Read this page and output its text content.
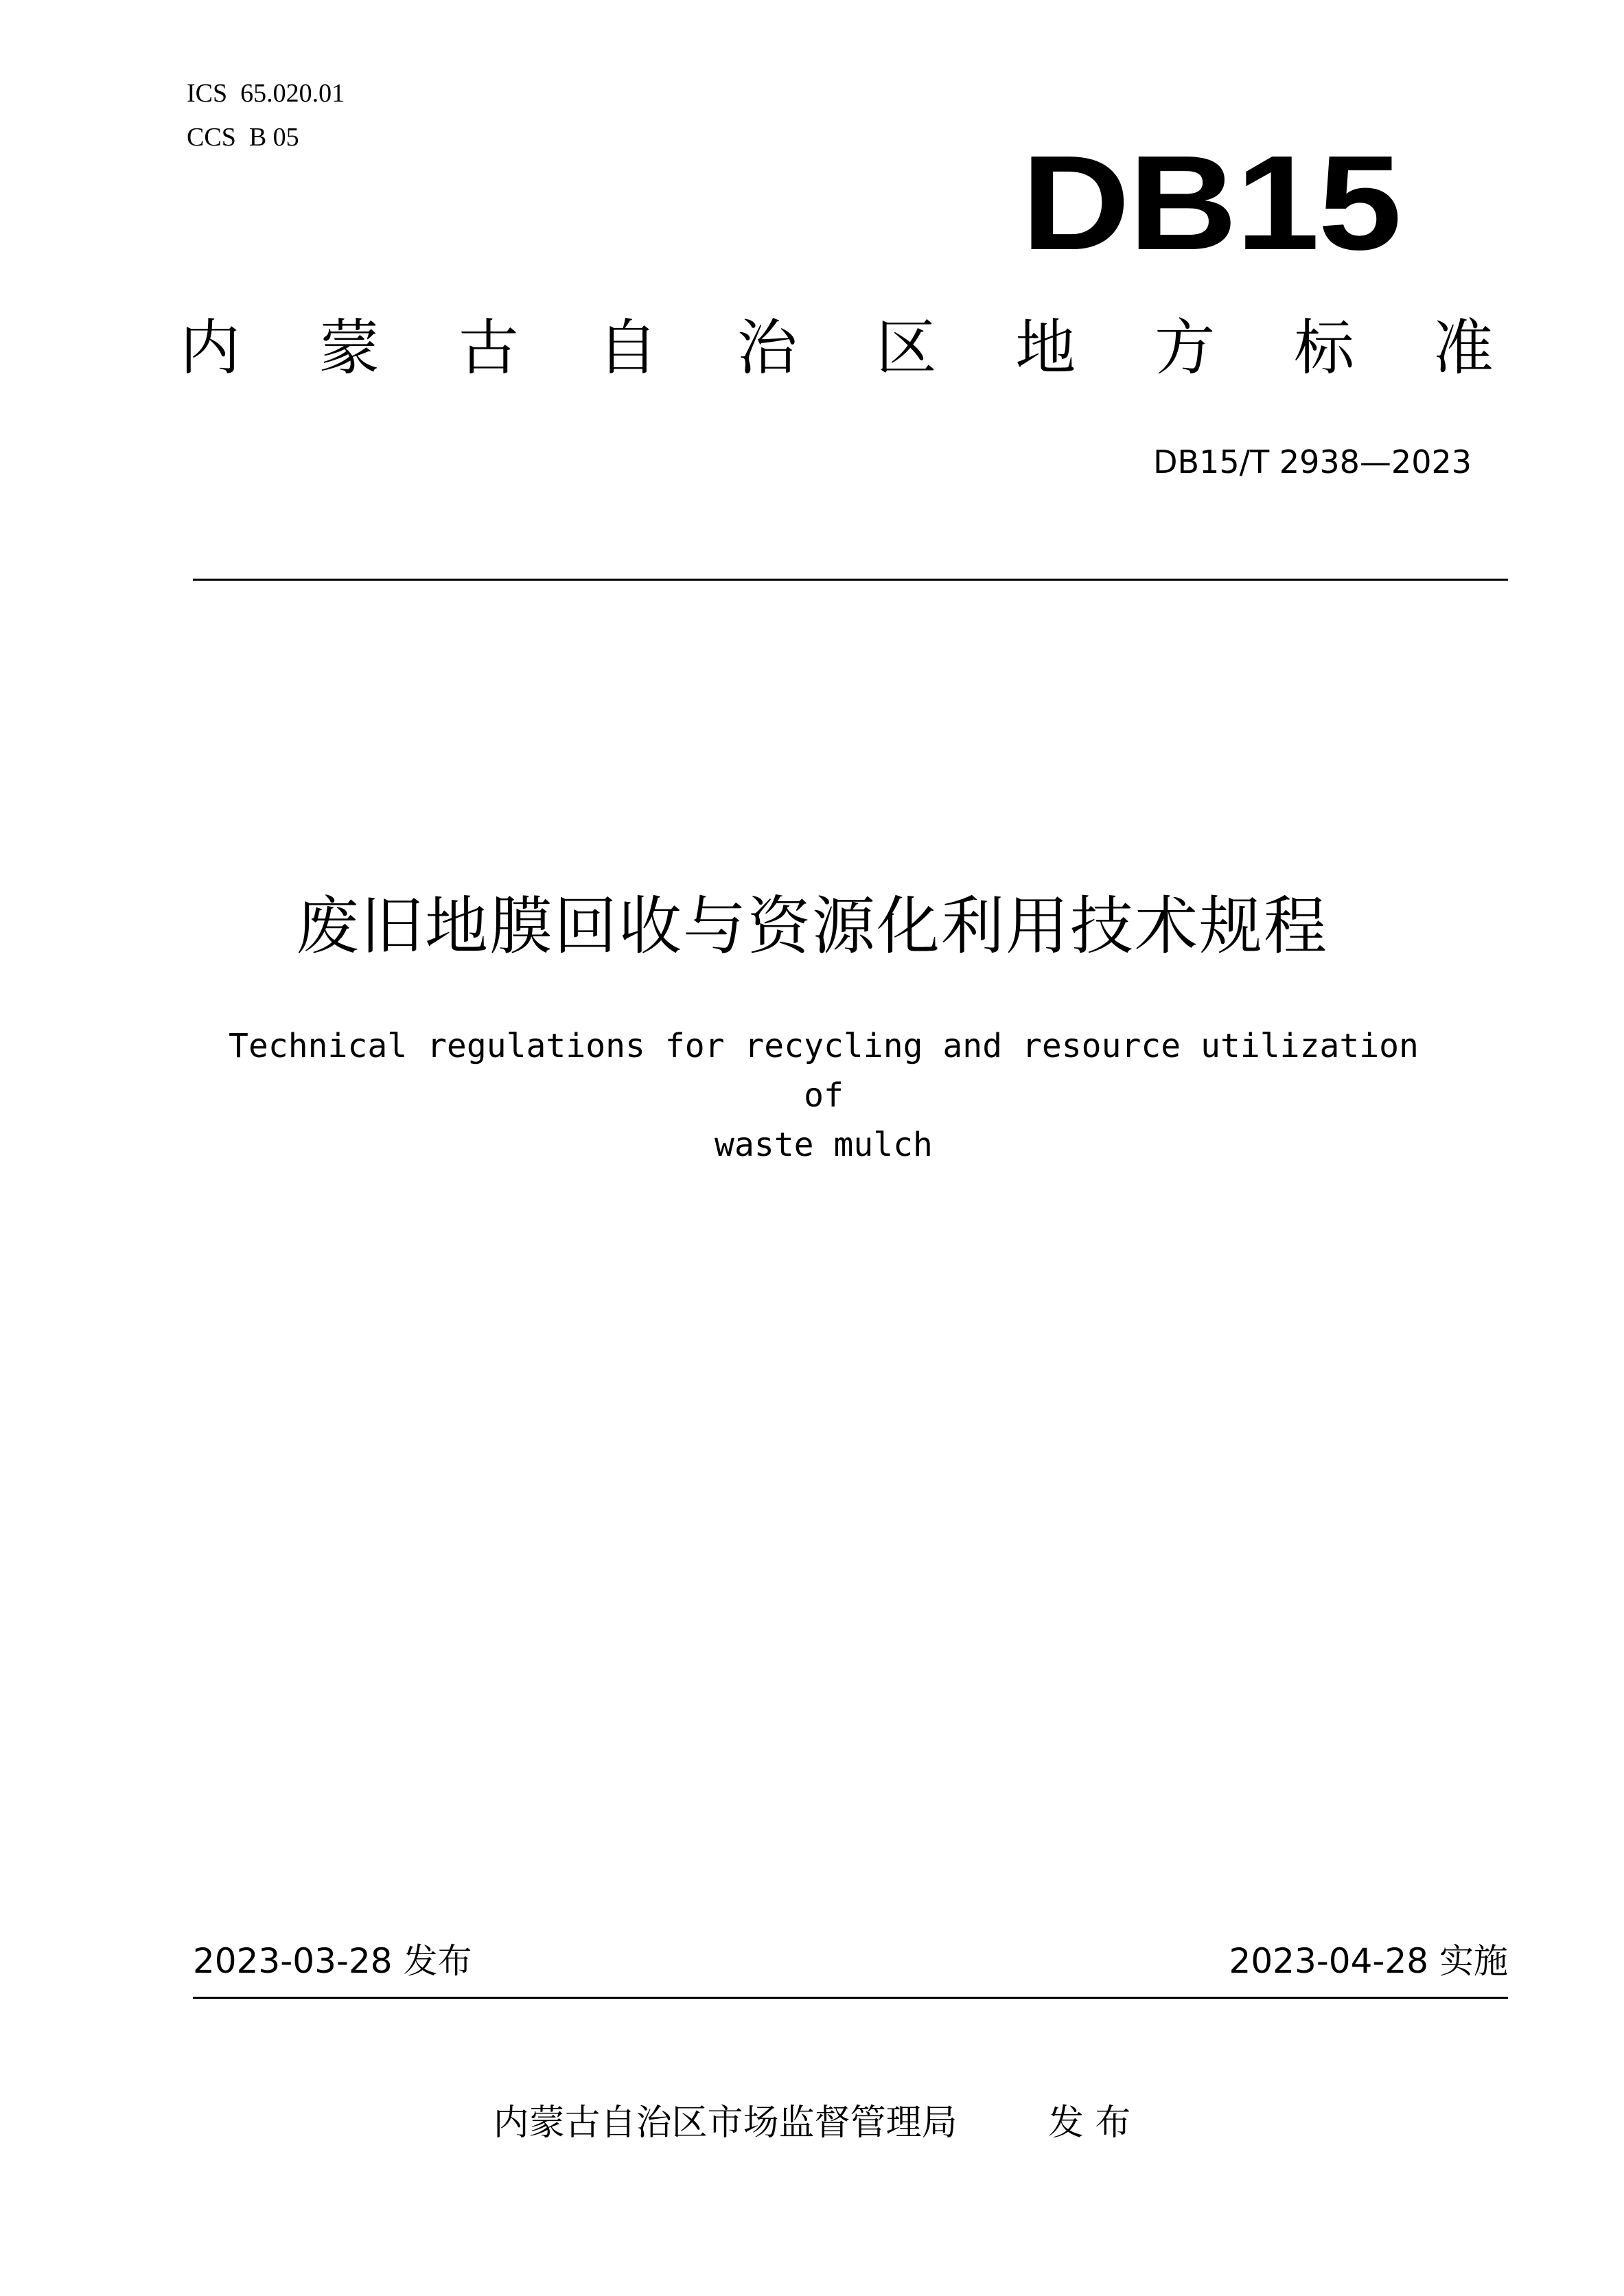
ICS  65.020.01
CCS  B 05	DB15
内 蒙 古 自 治 区 地 方 标 准
DB15/T 2938—2023
废旧地膜回收与资源化利用技术规程
Technical regulations for recycling and resource utilization of
waste mulch
2023-03-28 发布	2023-04-28 实施
内蒙古自治区市场监督管理局	发 布
